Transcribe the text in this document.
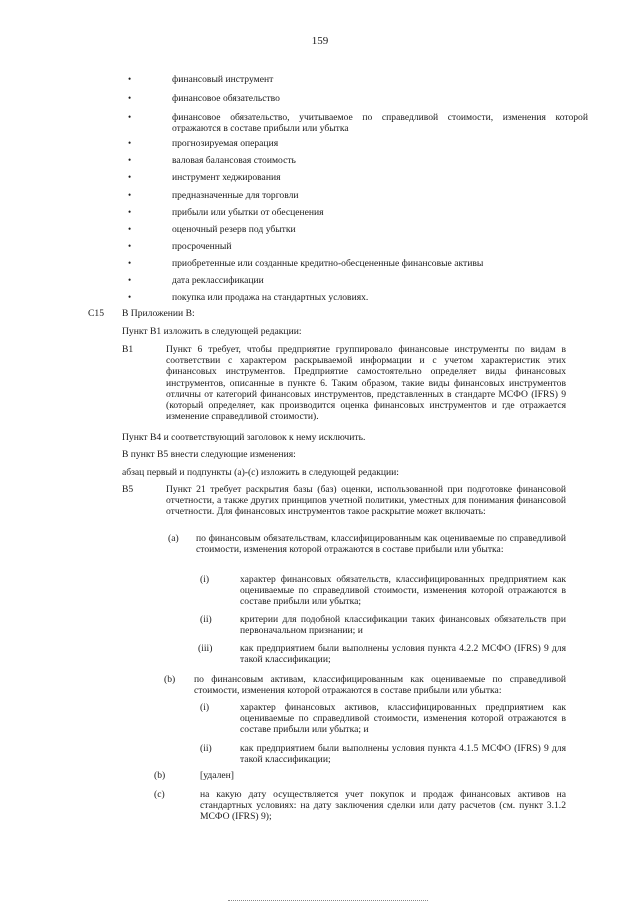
159
•	финансовый инструмент
•	финансовое обязательство
•	финансовое обязательство, учитываемое по справедливой стоимости, изменения которой отражаются в составе прибыли или убытка
•	прогнозируемая операция
•	валовая балансовая стоимость
•	инструмент хеджирования
•	предназначенные для торговли
•	прибыли или убытки от обесценения
•	оценочный резерв под убытки
•	просроченный
•	приобретенные или созданные кредитно-обесцененные финансовые активы
•	дата реклассификации
•	покупка или продажа на стандартных условиях.
C15 В Приложении В:
Пункт B1 изложить в следующей редакции:
B1	Пункт 6 требует, чтобы предприятие группировало финансовые инструменты по видам в соответствии с характером раскрываемой информации и с учетом характеристик этих финансовых инструментов. Предприятие самостоятельно определяет виды финансовых инструментов, описанные в пункте 6. Таким образом, такие виды финансовых инструментов отличны от категорий финансовых инструментов, представленных в стандарте МСФО (IFRS) 9 (который определяет, как производится оценка финансовых инструментов и где отражается изменение справедливой стоимости).
Пункт B4 и соответствующий заголовок к нему исключить.
В пункт B5 внести следующие изменения:
абзац первый и подпункты (а)-(с) изложить в следующей редакции:
B5	Пункт 21 требует раскрытия базы (баз) оценки, использованной при подготовке финансовой отчетности, а также других принципов учетной политики, уместных для понимания финансовой отчетности. Для финансовых инструментов такое раскрытие может включать:
(a) по финансовым обязательствам, классифицированным как оцениваемые по справедливой стоимости, изменения которой отражаются в составе прибыли или убытка:
(i)	характер финансовых обязательств, классифицированных предприятием как оцениваемые по справедливой стоимости, изменения которой отражаются в составе прибыли или убытка;
(ii)	критерии для подобной классификации таких финансовых обязательств при первоначальном признании; и
(iii)	как предприятием были выполнены условия пункта 4.2.2 МСФО (IFRS) 9 для такой классификации;
(b) по финансовым активам, классифицированным как оцениваемые по справедливой стоимости, изменения которой отражаются в составе прибыли или убытка:
(i)	характер финансовых активов, классифицированных предприятием как оцениваемые по справедливой стоимости, изменения которой отражаются в составе прибыли или убытка; и
(ii)	как предприятием были выполнены условия пункта 4.1.5 МСФО (IFRS) 9 для такой классификации;
(b)	[удален]
(c)	на какую дату осуществляется учет покупок и продаж финансовых активов на стандартных условиях: на дату заключения сделки или дату расчетов (см. пункт 3.1.2 МСФО (IFRS) 9);
